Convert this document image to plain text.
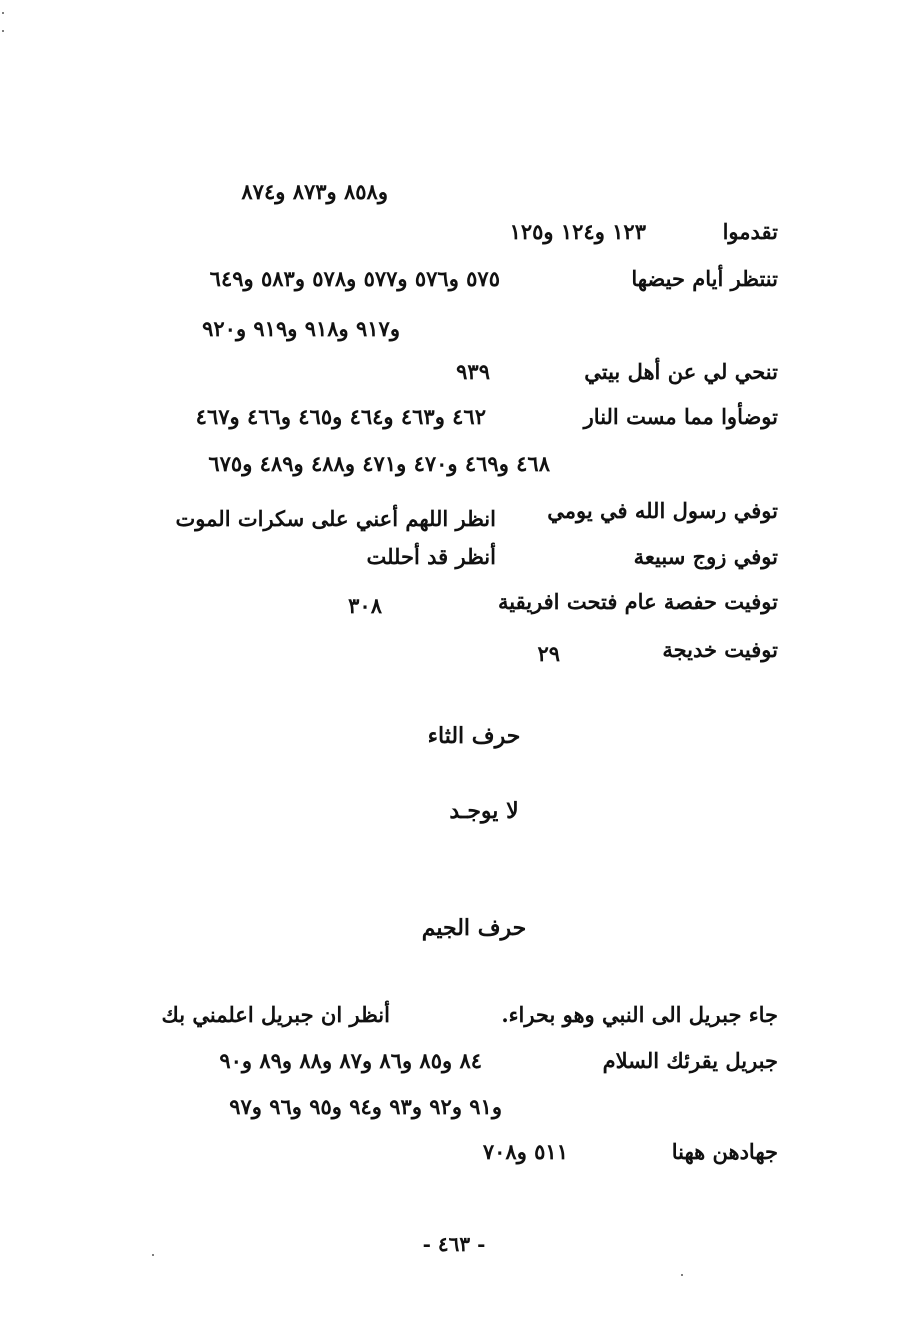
و٨٥٨ و٨٧٣ و٨٧٤
تقدموا
١٢٣ و١٢٤ و١٢٥
تنتظر أيام حيضها
٥٧٥ و٥٧٦ و٥٧٧ و٥٧٨ و٥٨٣ و٦٤٩
و٩١٧ و٩١٨ و٩١٩ و٩٢٠
تنحي لي عن أهل بيتي
٩٣٩
توضأوا مما مست النار
٤٦٢ و٤٦٣ و٤٦٤ و٤٦٥ و٤٦٦ و٤٦٧
٤٦٨ و٤٦٩ و٤٧٠ و٤٧١ و٤٨٨ و٤٨٩ و٦٧٥
توفي رسول الله في يومي
انظر اللهم أعني على سكرات الموت
توفي زوج سبيعة
أنظر قد أحللت
توفيت حفصة عام فتحت افريقية
٣٠٨
توفيت خديجة
٢٩
حرف الثاء
لا يوجـد
حرف الجيم
جاء جبريل الى النبي وهو بحراء.
أنظر ان جبريل اعلمني بك
جبريل يقرئك السلام
٨٤ و٨٥ و٨٦ و٨٧ و٨٨ و٨٩ و٩٠
و٩١ و٩٢ و٩٣ و٩٤ و٩٥ و٩٦ و٩٧
جهادهن ههنا
٥١١ و٧٠٨
- ٤٦٣ -
